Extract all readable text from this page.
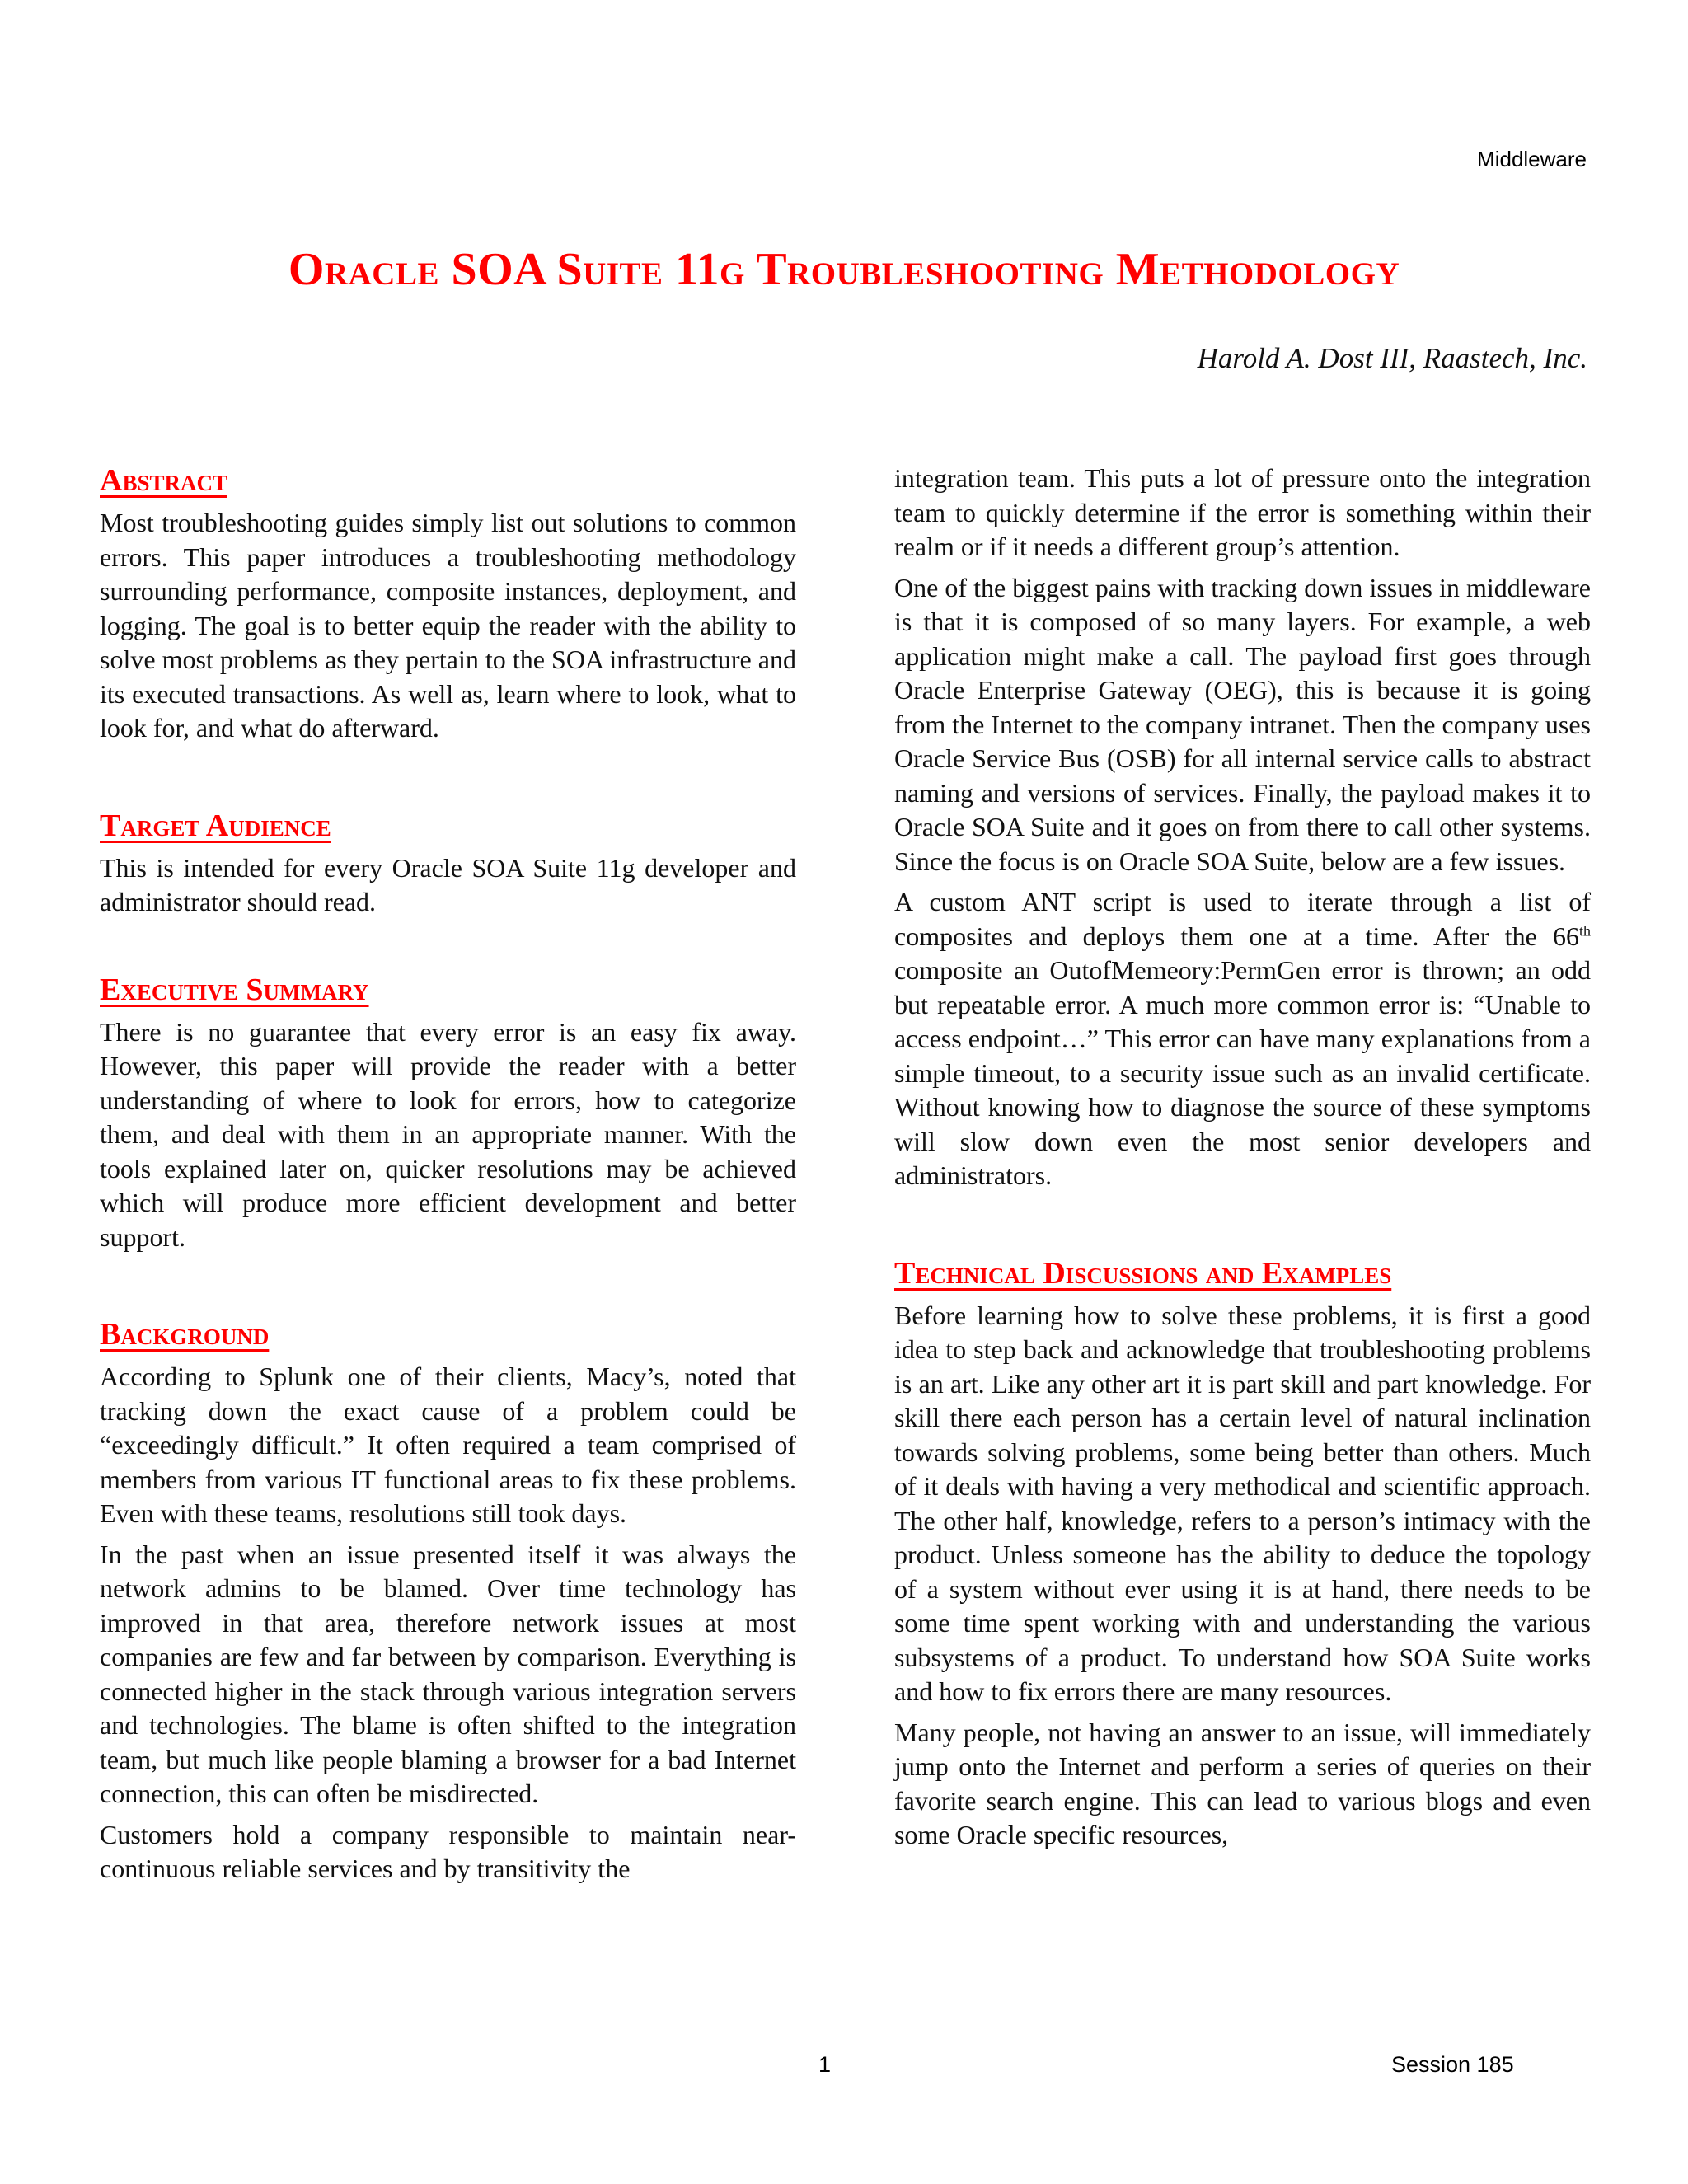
Middleware
Oracle SOA Suite 11g Troubleshooting Methodology
Harold A. Dost III, Raastech, Inc.
Abstract

Most troubleshooting guides simply list out solutions to common errors. This paper introduces a troubleshooting methodology surrounding performance, composite instances, deployment, and logging. The goal is to better equip the reader with the ability to solve most problems as they pertain to the SOA infrastructure and its executed transactions. As well as, learn where to look, what to look for, and what do afterward.

Target Audience

This is intended for every Oracle SOA Suite 11g developer and administrator should read.

Executive Summary

There is no guarantee that every error is an easy fix away. However, this paper will provide the reader with a better understanding of where to look for errors, how to categorize them, and deal with them in an appropriate manner. With the tools explained later on, quicker resolutions may be achieved which will produce more efficient development and better support.

Background

According to Splunk one of their clients, Macy’s, noted that tracking down the exact cause of a problem could be “exceedingly difficult.” It often required a team comprised of members from various IT functional areas to fix these problems. Even with these teams, resolutions still took days.

In the past when an issue presented itself it was always the network admins to be blamed. Over time technology has improved in that area, therefore network issues at most companies are few and far between by comparison. Everything is connected higher in the stack through various integration servers and technologies. The blame is often shifted to the integration team, but much like people blaming a browser for a bad Internet connection, this can often be misdirected.

Customers hold a company responsible to maintain near-continuous reliable services and by transitivity the

integration team. This puts a lot of pressure onto the integration team to quickly determine if the error is something within their realm or if it needs a different group’s attention.

One of the biggest pains with tracking down issues in middleware is that it is composed of so many layers. For example, a web application might make a call. The payload first goes through Oracle Enterprise Gateway (OEG), this is because it is going from the Internet to the company intranet. Then the company uses Oracle Service Bus (OSB) for all internal service calls to abstract naming and versions of services. Finally, the payload makes it to Oracle SOA Suite and it goes on from there to call other systems. Since the focus is on Oracle SOA Suite, below are a few issues.

A custom ANT script is used to iterate through a list of composites and deploys them one at a time. After the 66th composite an OutofMemeory:PermGen error is thrown; an odd but repeatable error. A much more common error is: “Unable to access endpoint…” This error can have many explanations from a simple timeout, to a security issue such as an invalid certificate. Without knowing how to diagnose the source of these symptoms will slow down even the most senior developers and administrators.

Technical Discussions and Examples

Before learning how to solve these problems, it is first a good idea to step back and acknowledge that troubleshooting problems is an art. Like any other art it is part skill and part knowledge. For skill there each person has a certain level of natural inclination towards solving problems, some being better than others. Much of it deals with having a very methodical and scientific approach. The other half, knowledge, refers to a person’s intimacy with the product. Unless someone has the ability to deduce the topology of a system without ever using it is at hand, there needs to be some time spent working with and understanding the various subsystems of a product. To understand how SOA Suite works and how to fix errors there are many resources.

Many people, not having an answer to an issue, will immediately jump onto the Internet and perform a series of queries on their favorite search engine. This can lead to various blogs and even some Oracle specific resources,

1	Session 185
